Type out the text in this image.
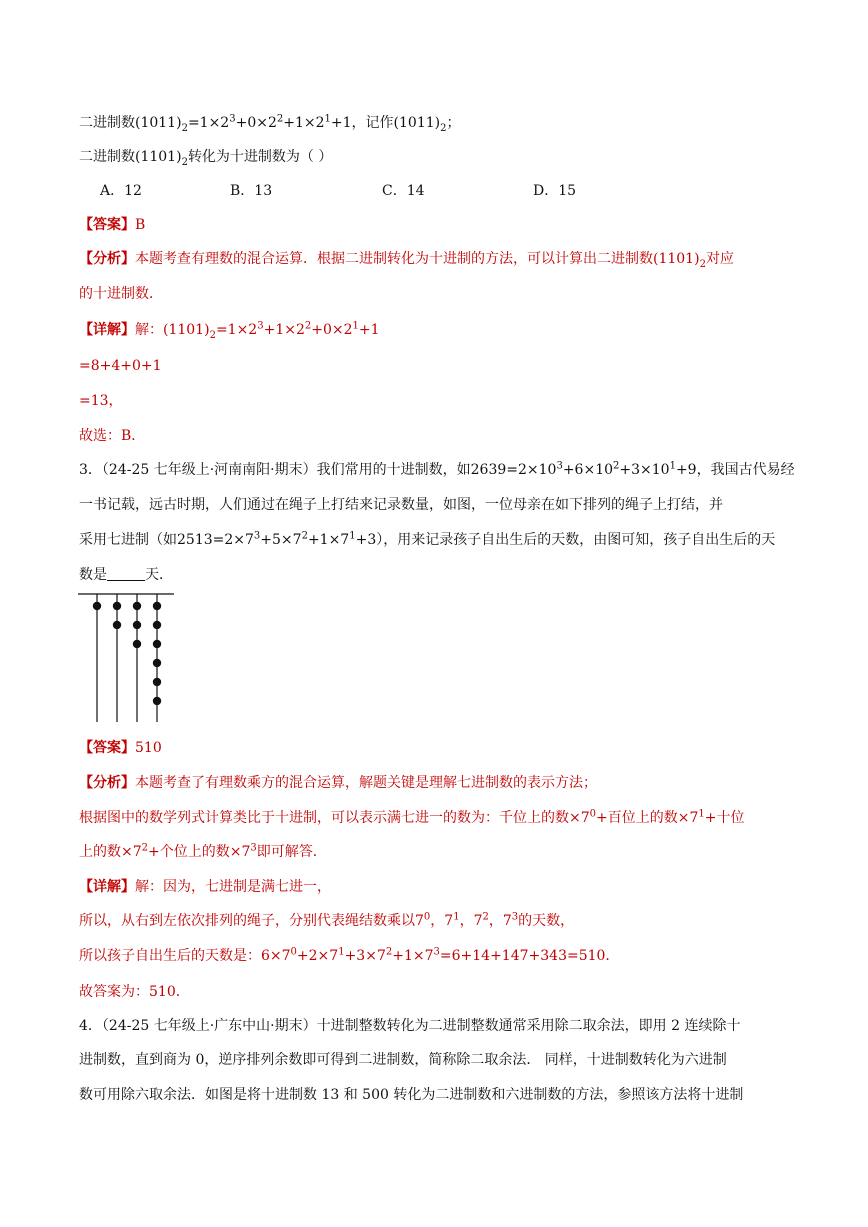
二进制数$(1011)_2=1\times 2^3+0\times 2^2+1\times 2^1+1$，记作$(1011)_2$；
二进制数$(1101)_2$转化为十进制数为（ ）
A．12	B．13	C．14	D．15
【答案】B
【分析】本题考查有理数的混合运算．根据二进制转化为十进制的方法，可以计算出二进制数$(1101)_2$对应
的十进制数．
【详解】解：$(1101)_2=1\times 2^3+1\times 2^2+0\times 2^1+1$
=8+4+0+1
=13，
故选：B．
3．（24-25 七年级上·河南南阳·期末）我们常用的十进制数，如$2639=2\times 10^3+6\times 10^2+3\times 10^1+9$，我国古代易经
一书记载，远古时期，人们通过在绳子上打结来记录数量，如图，一位母亲在如下排列的绳子上打结，并
采用七进制（如$2513=2\times 7^3+5\times 7^2+1\times 7^1+3$），用来记录孩子自出生后的天数，由图可知，孩子自出生后的天
数是	天．
【答案】510
【分析】本题考查了有理数乘方的混合运算，解题关键是理解七进制数的表示方法；
根据图中的数学列式计算类比于十进制，可以表示满七进一的数为：千位上的数$\times 7^0+$百位上的数$\times 7^1+$十位
上的数$\times 7^2+$个位上的数$\times 7^3$即可解答．
【详解】解：因为，七进制是满七进一，
所以，从右到左依次排列的绳子，分别代表绳结数乘以$7^0$，$7^1$，$7^2$，$7^3$的天数，
所以孩子自出生后的天数是：$6\times 7^0+2\times 7^1+3\times 7^2+1\times 7^3=6+14+147+343=510$．
故答案为：510．
4．（24-25 七年级上·广东中山·期末）十进制整数转化为二进制整数通常采用除二取余法，即用 2 连续除十
进制数，直到商为 0，逆序排列余数即可得到二进制数，简称除二取余法． 同样，十进制数转化为六进制
数可用除六取余法．如图是将十进制数 13 和 500 转化为二进制数和六进制数的方法，参照该方法将十进制
